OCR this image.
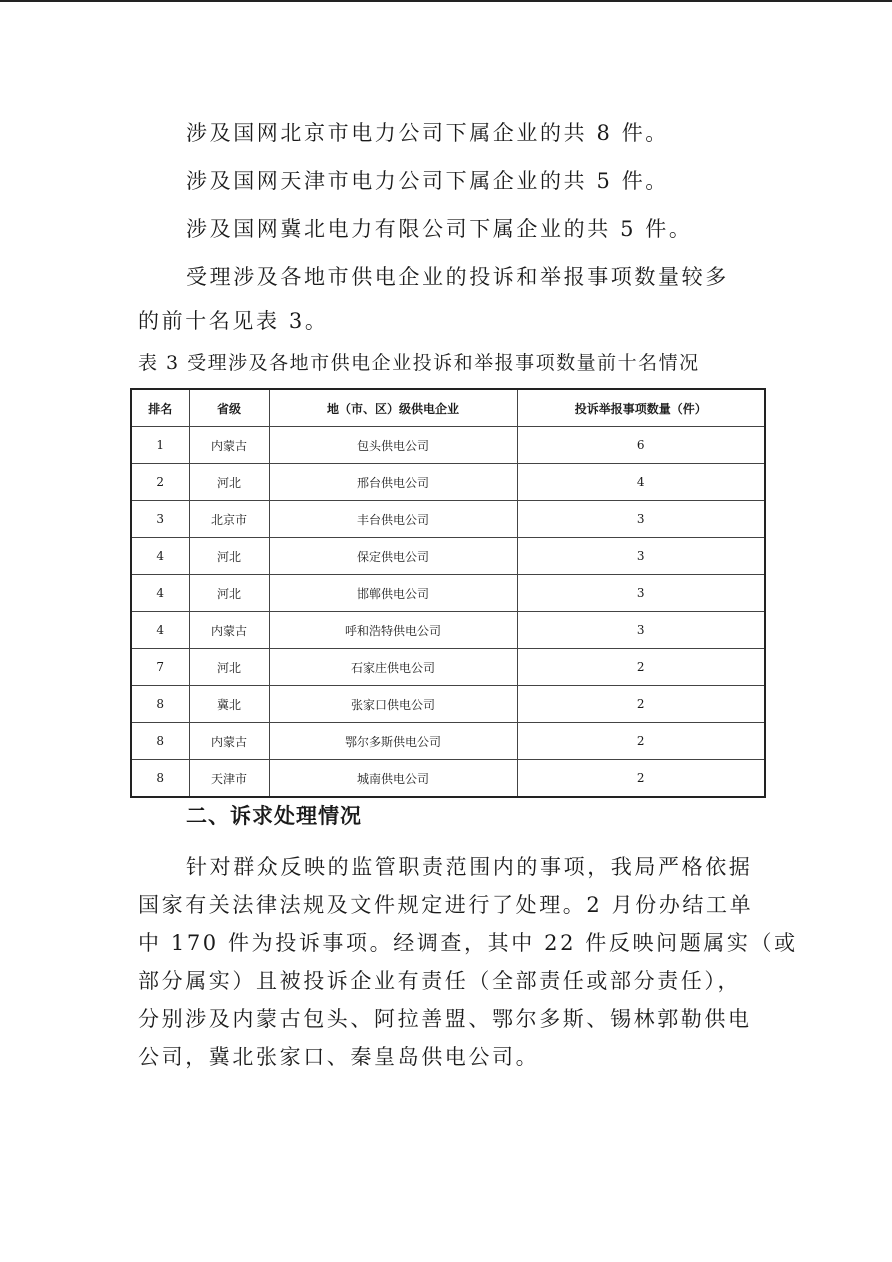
涉及国网北京市电力公司下属企业的共 8 件。

涉及国网天津市电力公司下属企业的共 5 件。

涉及国网冀北电力有限公司下属企业的共 5 件。

受理涉及各地市供电企业的投诉和举报事项数量较多

的前十名见表 3。

表 3 受理涉及各地市供电企业投诉和举报事项数量前十名情况
排名	省级	地（市、区）级供电企业	投诉举报事项数量（件）
1	内蒙古	包头供电公司	6
2	河北	邢台供电公司	4
3	北京市	丰台供电公司	3
4	河北	保定供电公司	3
4	河北	邯郸供电公司	3
4	内蒙古	呼和浩特供电公司	3
7	河北	石家庄供电公司	2
8	冀北	张家口供电公司	2
8	内蒙古	鄂尔多斯供电公司	2
8	天津市	城南供电公司	2
二、诉求处理情况

针对群众反映的监管职责范围内的事项，我局严格依据

国家有关法律法规及文件规定进行了处理。2 月份办结工单

中 170 件为投诉事项。经调查，其中 22 件反映问题属实（或

部分属实）且被投诉企业有责任（全部责任或部分责任），

分别涉及内蒙古包头、阿拉善盟、鄂尔多斯、锡林郭勒供电

公司，冀北张家口、秦皇岛供电公司。
